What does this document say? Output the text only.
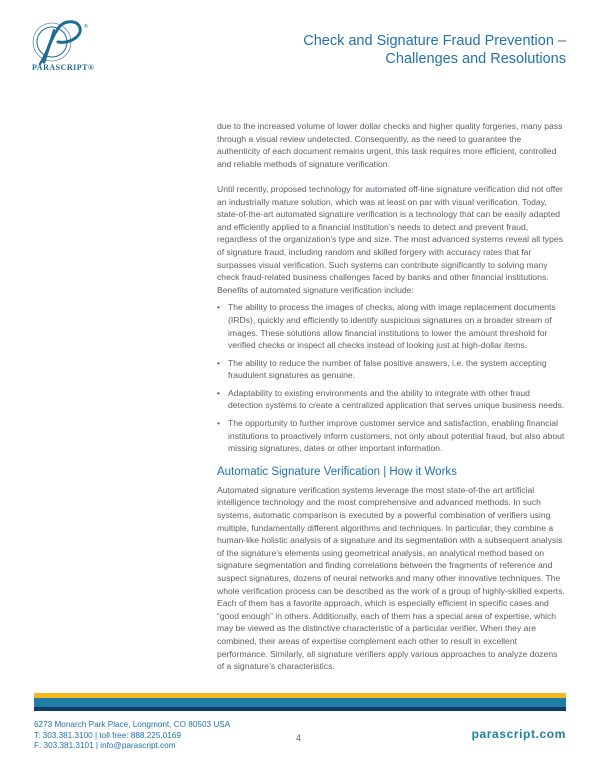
®
PARASCRIPT®
Check and Signature Fraud Prevention –
Challenges and Resolutions

due to the increased volume of lower dollar checks and higher quality forgeries, many pass through a visual review undetected. Consequently, as the need to guarantee the authenticity of each document remains urgent, this task requires more efficient, controlled and reliable methods of signature verification.

Until recently, proposed technology for automated off-line signature verification did not offer an industrially mature solution, which was at least on par with visual verification. Today, state-of-the-art automated signature verification is a technology that can be easily adapted and efficiently applied to a financial institution’s needs to detect and prevent fraud, regardless of the organization’s type and size. The most advanced systems reveal all types of signature fraud, including random and skilled forgery with accuracy rates that far surpasses visual verification. Such systems can contribute significantly to solving many check fraud-related business challenges faced by banks and other financial institutions. Benefits of automated signature verification include:

• The ability to process the images of checks, along with image replacement documents (IRDs), quickly and efficiently to identify suspicious signatures on a broader stream of images. These solutions allow financial institutions to lower the amount threshold for verified checks or inspect all checks instead of looking just at high-dollar items.
• The ability to reduce the number of false positive answers, i.e. the system accepting fraudulent signatures as genuine.
• Adaptability to existing environments and the ability to integrate with other fraud detection systems to create a centralized application that serves unique business needs.
• The opportunity to further improve customer service and satisfaction, enabling financial institutions to proactively inform customers, not only about potential fraud, but also about missing signatures, dates or other important information.
Automatic Signature Verification | How it Works

Automated signature verification systems leverage the most state-of-the art artificial intelligence technology and the most comprehensive and advanced methods. In such systems, automatic comparison is executed by a powerful combination of verifiers using multiple, fundamentally different algorithms and techniques. In particular, they combine a human-like holistic analysis of a signature and its segmentation with a subsequent analysis of the signature’s elements using geometrical analysis, an analytical method based on signature segmentation and finding correlations between the fragments of reference and suspect signatures, dozens of neural networks and many other innovative techniques. The whole verification process can be described as the work of a group of highly-skilled experts. Each of them has a favorite approach, which is especially efficient in specific cases and “good enough” in others. Additionally, each of them has a special area of expertise, which may be viewed as the distinctive characteristic of a particular verifier. When they are combined, their areas of expertise complement each other to result in excellent performance. Similarly, all signature verifiers apply various approaches to analyze dozens of a signature’s characteristics.

6273 Monarch Park Place, Longmont, CO 80503 USA
T: 303.381.3100 | toll free: 888.225.0169
F: 303.381.3101 | info@parascript.com
4	parascript.com
